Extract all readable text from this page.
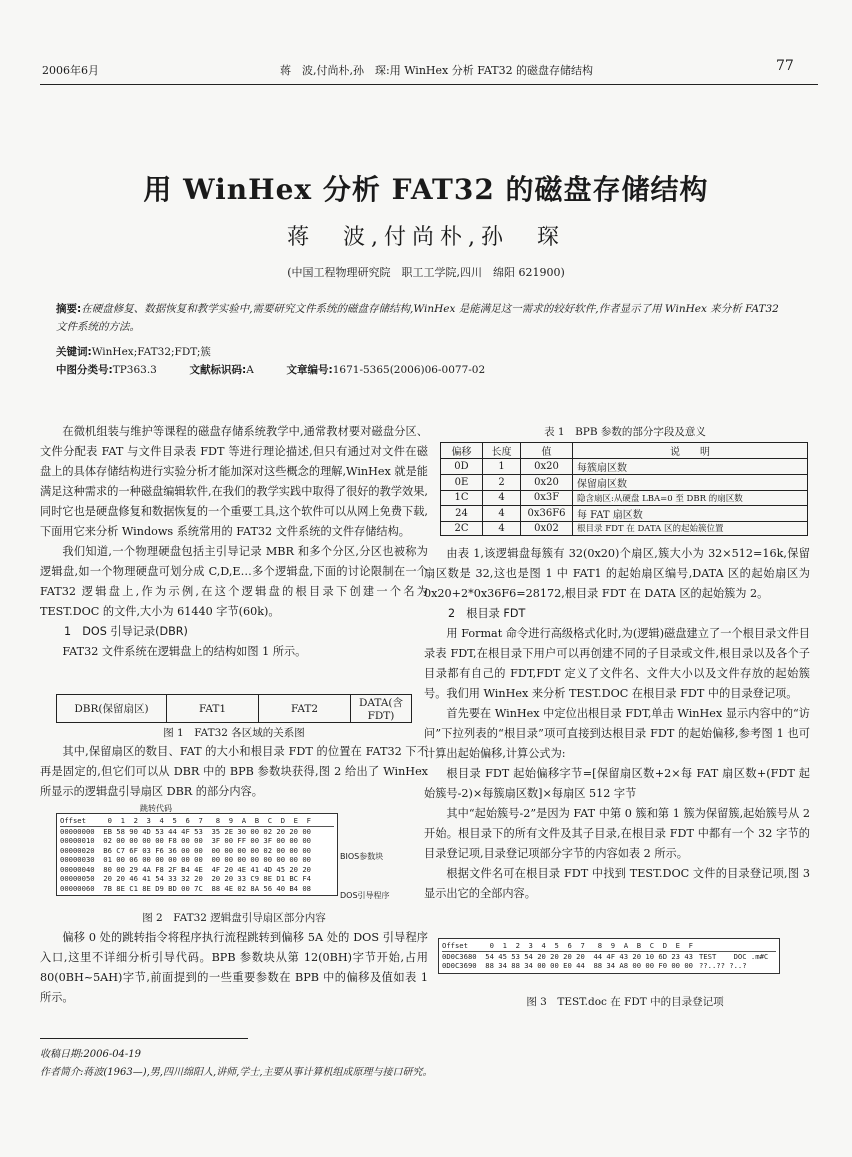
2006年6月	蒋　波,付尚朴,孙　琛:用 WinHex 分析 FAT32 的磁盘存储结构	77
用 WinHex 分析 FAT32 的磁盘存储结构
蒋　波,付尚朴,孙　琛
(中国工程物理研究院　职工工学院,四川　绵阳 621900)
摘要:在硬盘修复、数据恢复和教学实验中,需要研究文件系统的磁盘存储结构,WinHex 是能满足这一需求的较好软件,作者显示了用 WinHex 来分析 FAT32 文件系统的方法。
关键词:WinHex;FAT32;FDT;簇
中图分类号:TP363.3	文献标识码:A	文章编号:1671-5365(2006)06-0077-02

在微机组装与维护等课程的磁盘存储系统教学中,通常教材要对磁盘分区、文件分配表 FAT 与文件目录表 FDT 等进行理论描述,但只有通过对文件在磁盘上的具体存储结构进行实验分析才能加深对这些概念的理解,WinHex 就是能满足这种需求的一种磁盘编辑软件,在我们的教学实践中取得了很好的教学效果,同时它也是硬盘修复和数据恢复的一个重要工具,这个软件可以从网上免费下载,下面用它来分析 Windows 系统常用的 FAT32 文件系统的文件存储结构。

我们知道,一个物理硬盘包括主引导记录 MBR 和多个分区,分区也被称为逻辑盘,如一个物理硬盘可划分成 C,D,E…多个逻辑盘,下面的讨论限制在一个 FAT32 逻辑盘上,作为示例,在这个逻辑盘的根目录下创建一个名为 TEST.DOC 的文件,大小为 61440 字节(60k)。

1　DOS 引导记录(DBR)

FAT32 文件系统在逻辑盘上的结构如图 1 所示。

DBR(保留扇区)	FAT1	FAT2	DATA(含 FDT)
图 1　FAT32 各区域的关系图

其中,保留扇区的数目、FAT 的大小和根目录 FDT 的位置在 FAT32 下不再是固定的,但它们可以从 DBR 中的 BPB 参数块获得,图 2 给出了 WinHex 所显示的逻辑盘引导扇区 DBR 的部分内容。

跳转代码
Offset     0  1  2  3  4  5  6  7   8  9  A  B  C  D  E  F
00000000  EB 58 90 4D 53 44 4F 53  35 2E 30 00 02 20 20 00
00000010  02 00 00 00 00 F8 00 00  3F 00 FF 00 3F 00 00 00
00000020  B6 C7 6F 03 F6 36 00 00  00 00 00 00 02 00 00 00
00000030  01 00 06 00 00 00 00 00  00 00 00 00 00 00 00 00
00000040  80 00 29 4A F8 2F B4 4E  4F 20 4E 41 4D 45 20 20
00000050  20 20 46 41 54 33 32 20  20 20 33 C9 8E D1 BC F4
00000060  7B 8E C1 8E D9 BD 00 7C  88 4E 02 8A 56 40 B4 08
BIOS参数块
DOS引导程序
图 2　FAT32 逻辑盘引导扇区部分内容

偏移 0 处的跳转指令将程序执行流程跳转到偏移 5A 处的 DOS 引导程序入口,这里不详细分析引导代码。BPB 参数块从第 12(0BH)字节开始,占用 80(0BH~5AH)字节,前面提到的一些重要参数在 BPB 中的偏移及值如表 1 所示。

表 1　BPB 参数的部分字段及意义
偏移	长度	值	说　　明
0D	1	0x20	每簇扇区数
0E	2	0x20	保留扇区数
1C	4	0x3F	隐含扇区:从硬盘 LBA=0 至 DBR 的扇区数
24	4	0x36F6	每 FAT 扇区数
2C	4	0x02	根目录 FDT 在 DATA 区的起始簇位置

由表 1,该逻辑盘每簇有 32(0x20)个扇区,簇大小为 32×512=16k,保留扇区数是 32,这也是图 1 中 FAT1 的起始扇区编号,DATA 区的起始扇区为 0x20+2*0x36F6=28172,根目录 FDT 在 DATA 区的起始簇为 2。

2　根目录 FDT

用 Format 命令进行高级格式化时,为(逻辑)磁盘建立了一个根目录文件目录表 FDT,在根目录下用户可以再创建不同的子目录或文件,根目录以及各个子目录都有自己的 FDT,FDT 定义了文件名、文件大小以及文件存放的起始簇号。我们用 WinHex 来分析 TEST.DOC 在根目录 FDT 中的目录登记项。

首先要在 WinHex 中定位出根目录 FDT,单击 WinHex 显示内容中的“访问”下拉列表的“根目录”项可直接到达根目录 FDT 的起始偏移,参考图 1 也可计算出起始偏移,计算公式为:

根目录 FDT 起始偏移字节=[保留扇区数+2×每 FAT 扇区数+(FDT 起始簇号-2)×每簇扇区数]×每扇区 512 字节

其中“起始簇号-2”是因为 FAT 中第 0 簇和第 1 簇为保留簇,起始簇号从 2 开始。根目录下的所有文件及其子目录,在根目录 FDT 中都有一个 32 字节的目录登记项,目录登记项部分字节的内容如表 2 所示。

根据文件名可在根目录 FDT 中找到 TEST.DOC 文件的目录登记项,图 3 显示出它的全部内容。

Offset     0  1  2  3  4  5  6  7   8  9  A  B  C  D  E  F
0D0C3680  54 45 53 54 20 20 20 20  44 4F 43 20 10 6D 23 43 TEST    DOC .m#C
0D0C3690  88 34 88 34 00 00 E0 44  88 34 A8 00 00 F0 00 00 ??..?? ?..?
图 3　TEST.doc 在 FDT 中的目录登记项
收稿日期:2006-04-19
作者简介:蒋波(1963—),男,四川绵阳人,讲师,学士,主要从事计算机组成原理与接口研究。
